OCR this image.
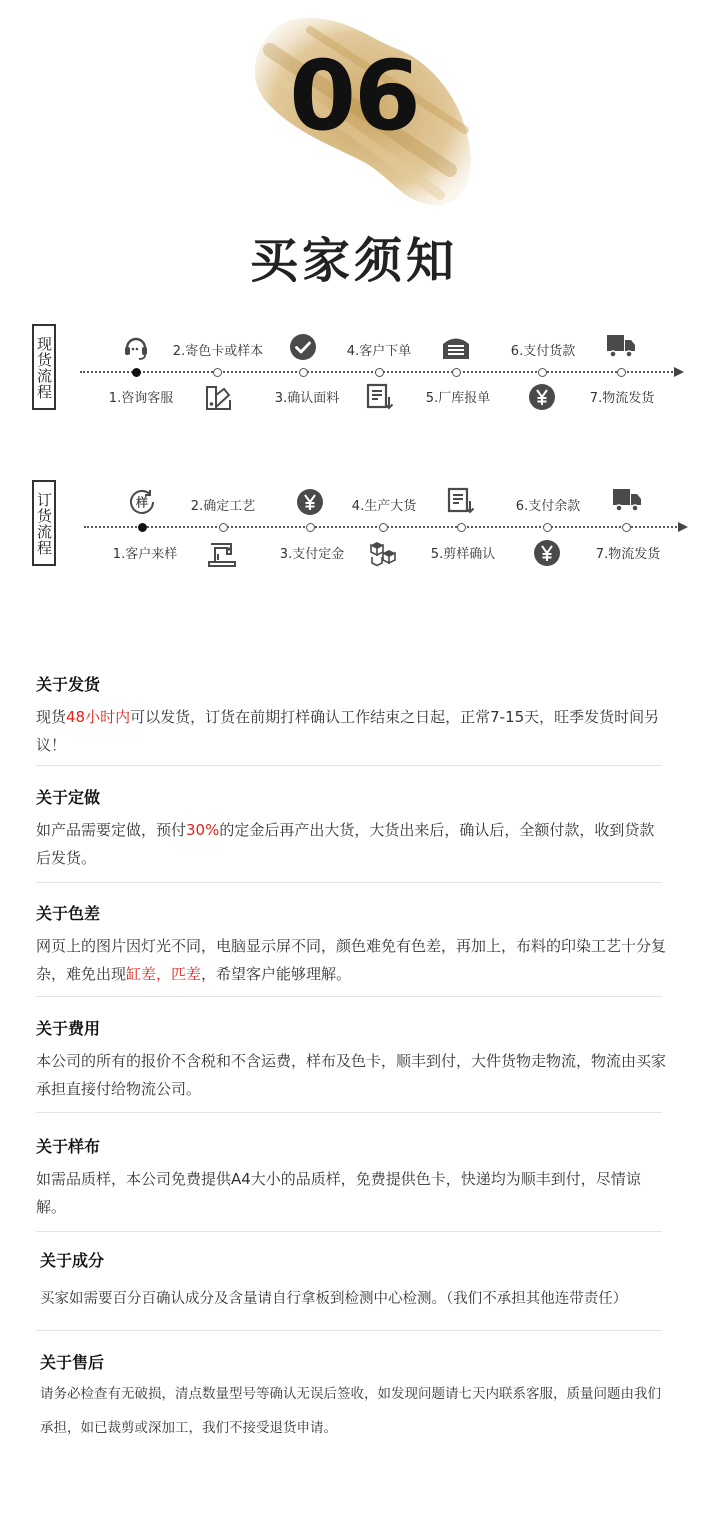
06
买家须知
现货流程	2.寄色卡或样本	4.客户下单	6.支付货款
1.咨询客服	3.确认面料	5.厂库报单	7.物流发货
订货流程	样	2.确定工艺	4.生产大货	6.支付余款
1.客户来样	3.支付定金	5.剪样确认	7.物流发货
关于发货

现货48小时内可以发货，订货在前期打样确认工作结束之日起，正常7-15天，旺季发货时间另议！

关于定做

如产品需要定做，预付30%的定金后再产出大货，大货出来后，确认后，全额付款，收到贷款后发货。

关于色差

网页上的图片因灯光不同，电脑显示屏不同，颜色难免有色差，再加上，布料的印染工艺十分复杂，难免出现缸差，匹差，希望客户能够理解。

关于费用

本公司的所有的报价不含税和不含运费，样布及色卡，顺丰到付，大件货物走物流，物流由买家承担直接付给物流公司。

关于样布

如需品质样，本公司免费提供A4大小的品质样，免费提供色卡，快递均为顺丰到付，尽情谅解。

关于成分

买家如需要百分百确认成分及含量请自行拿板到检测中心检测。（我们不承担其他连带责任）

关于售后

请务必检查有无破损，清点数量型号等确认无误后签收，如发现问题请七天内联系客服，质量问题由我们承担，如已裁剪或深加工，我们不接受退货申请。
